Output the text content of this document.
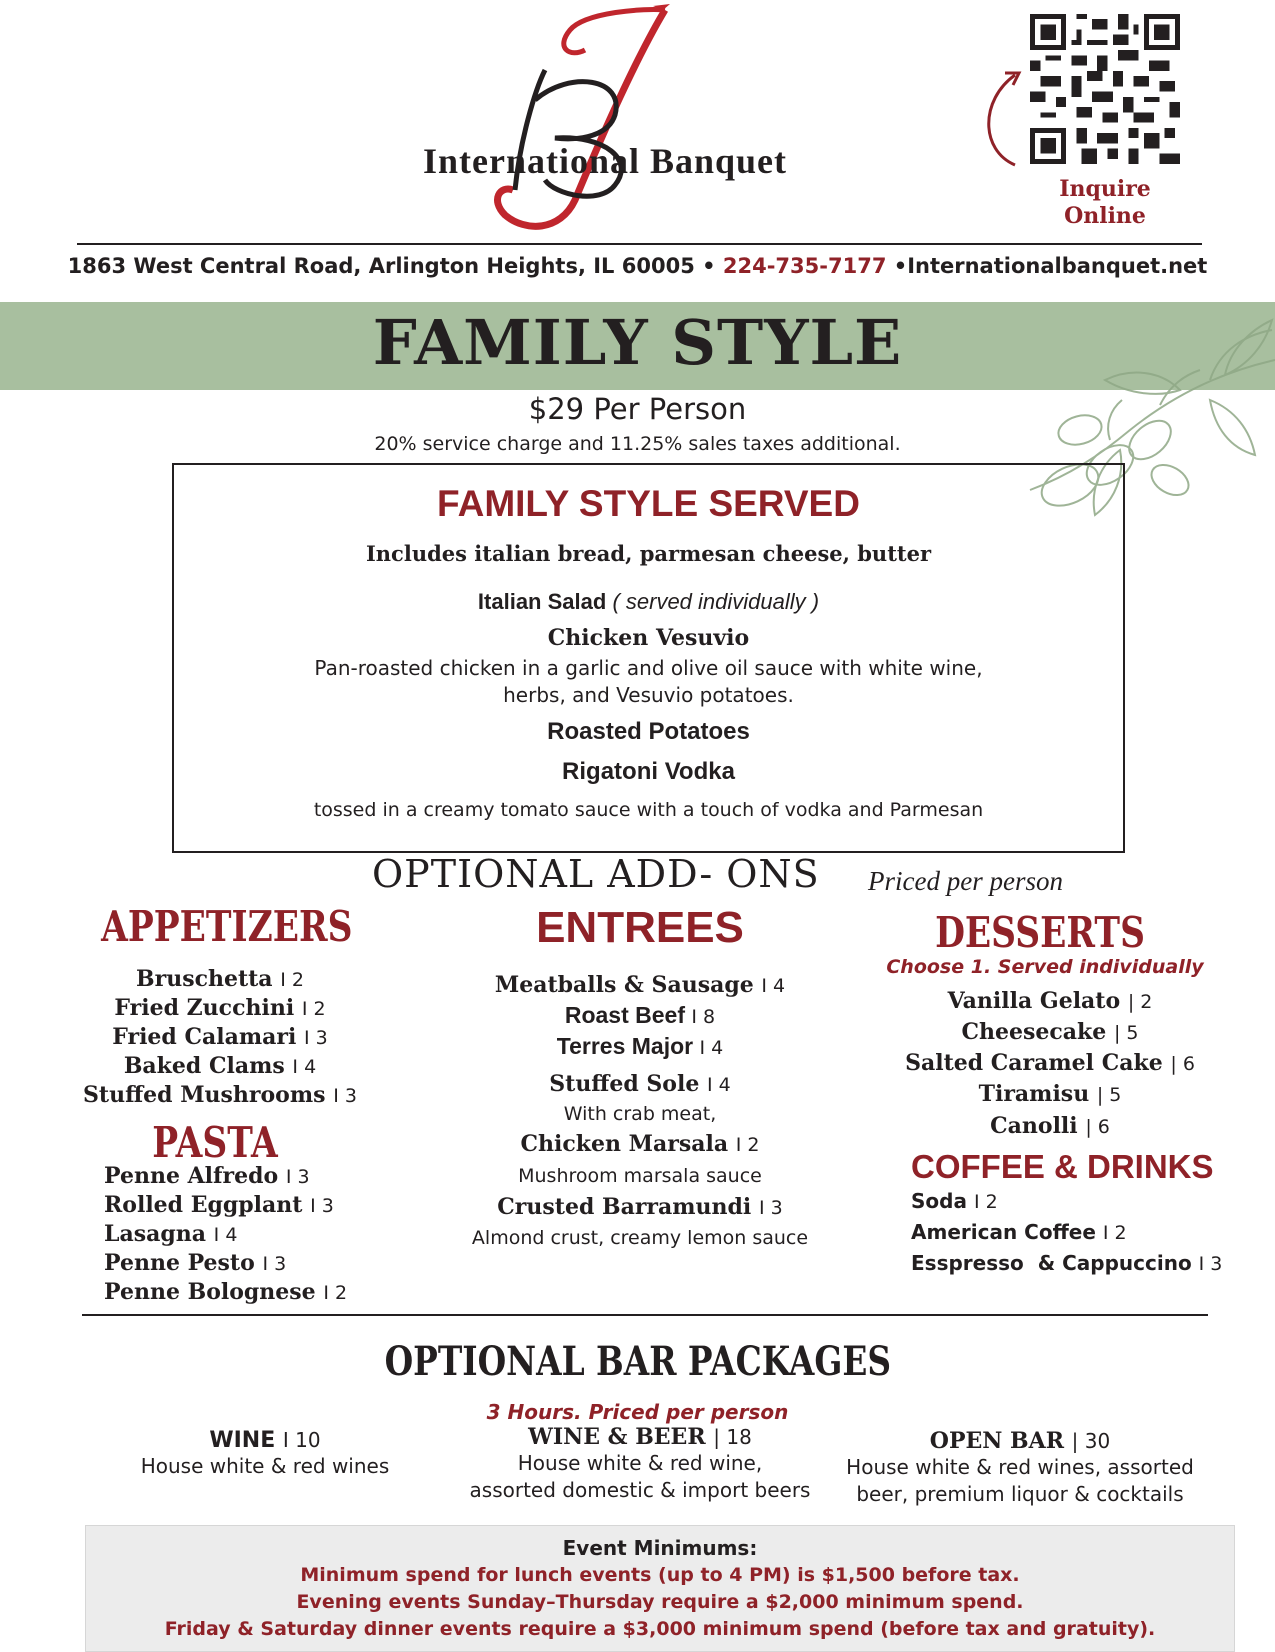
International Banquet
Inquire
Online
1863 West Central Road, Arlington Heights, IL 60005 • 224-735-7177 •Internationalbanquet.net
FAMILY STYLE
$29 Per Person
20% service charge and 11.25% sales taxes additional.
FAMILY STYLE SERVED
Includes italian bread, parmesan cheese, butter
Italian Salad ( served individually )
Chicken Vesuvio
Pan-roasted chicken in a garlic and olive oil sauce with white wine,
herbs, and Vesuvio potatoes.
Roasted Potatoes
Rigatoni Vodka
tossed in a creamy tomato sauce with a touch of vodka and Parmesan
OPTIONAL ADD- ONS Priced per person
APPETIZERS
Bruschetta I 2
Fried Zucchini I 2
Fried Calamari I 3
Baked Clams I 4
Stuffed Mushrooms I 3
PASTA
Penne Alfredo I 3
Rolled Eggplant I 3
Lasagna I 4
Penne Pesto I 3
Penne Bolognese I 2
ENTREES
Meatballs & Sausage I 4
Roast Beef I 8
Terres Major I 4
Stuffed Sole I 4
With crab meat,
Chicken Marsala I 2
Mushroom marsala sauce
Crusted Barramundi I 3
Almond crust, creamy lemon sauce
DESSERTS
Choose 1. Served individually
Vanilla Gelato | 2
Cheesecake | 5
Salted Caramel Cake | 6
Tiramisu | 5
Canolli | 6
COFFEE & DRINKS
Soda I 2
American Coffee I 2
Esspresso  & Cappuccino I 3
OPTIONAL BAR PACKAGES
3 Hours. Priced per person
WINE I 10
House white & red wines
WINE & BEER | 18
House white & red wine,
assorted domestic & import beers
OPEN BAR | 30
House white & red wines, assorted
beer, premium liquor & cocktails
Event Minimums:
Minimum spend for lunch events (up to 4 PM) is $1,500 before tax.
Evening events Sunday–Thursday require a $2,000 minimum spend.
Friday & Saturday dinner events require a $3,000 minimum spend (before tax and gratuity).
